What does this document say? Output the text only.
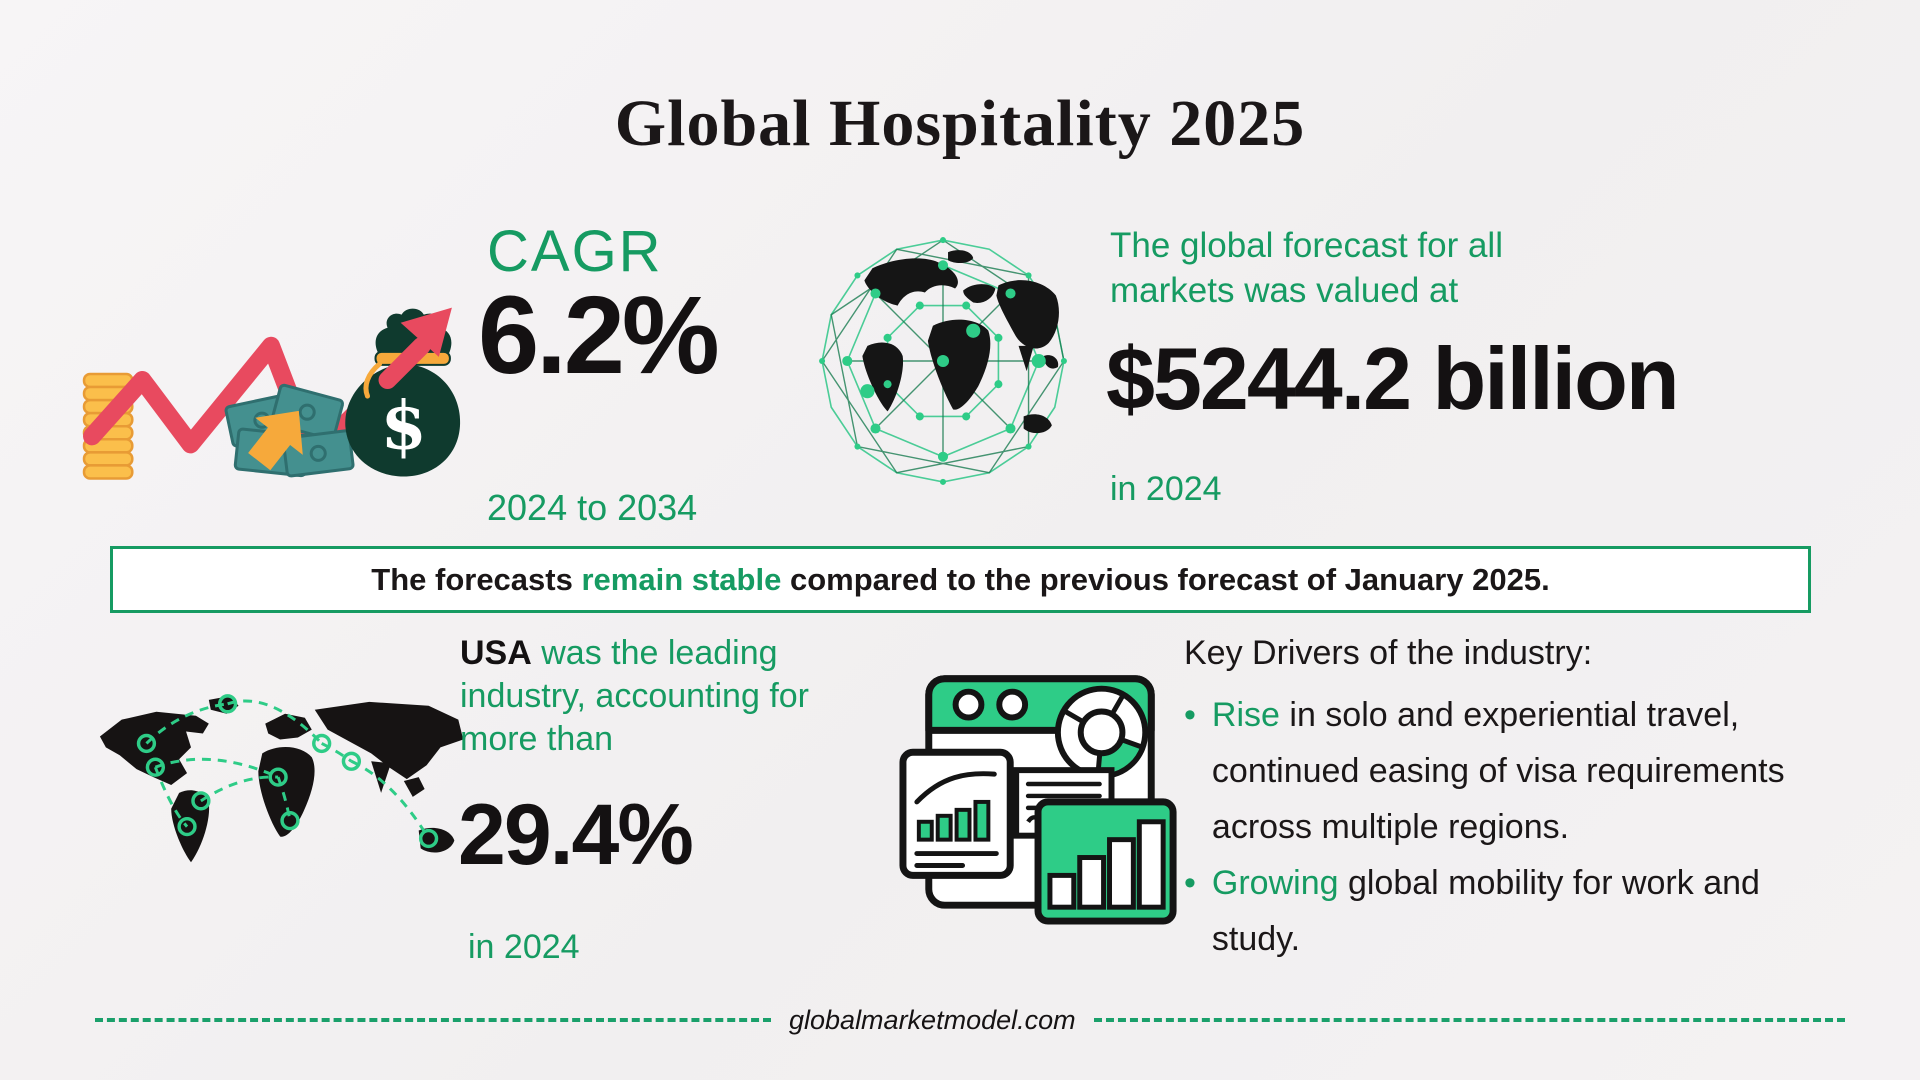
Global Hospitality 2025
$
CAGR
6.2%
2024 to 2034
The global forecast for all
markets was valued at
$5244.2 billion
in 2024
The forecasts remain stable compared to the previous forecast of January 2025.
USA was the leading industry, accounting for more than
29.4%
in 2024
Key Drivers of the industry:

• Rise in solo and experiential travel, continued easing of visa requirements across multiple regions.

• Growing global mobility for work and study.

globalmarketmodel.com
